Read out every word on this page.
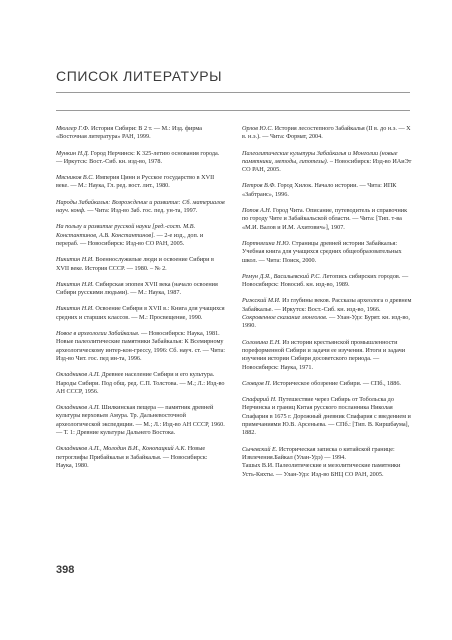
СПИСОК ЛИТЕРАТУРЫ
Мюллер Г.Ф. История Сибири: В 2 т. — М.: Изд. фирма «Восточная литература» РАН, 1999.
Мункин Н.Д. Город Нерчинск: К 325-летию основания города. — Иркутск: Вост.-Сиб. кн. изд-во, 1978.
Мясников В.С. Империя Цинн и Русское государство в XVII веке. — М.: Наука, Гл. ред. вост. лит., 1980.
Народы Забайкалья: Возрождение и развитие: Сб. материалов науч. конф. — Чита: Изд-во Заб. гос. пед. ун-та, 1997.
На пользу и развитие русской науки [ред.-сост. М.В. Константинов, А.В. Константинов]. — 2-е изд., доп. и перераб. — Новосибирск: Изд-во СО РАН, 2005.
Никитин Н.И. Военнослужилые люди и освоение Сибири в XVII веке. История СССР. — 1980. – № 2.
Никитин Н.И. Сибирская эпопея XVII века (начало освоения Сибири русскими людьми). — М.: Наука, 1987.
Никитин Н.И. Освоение Сибири в XVII в.: Книга для учащихся средних и старших классов. — М.: Просвещение, 1990.
Новое в археологии Забайкалья. — Новосибирск: Наука, 1981.
Новые палеолитические памятники Забайкалья: К Всемирному археологическому интер-кон-грессу, 1996: Сб. науч. ст. — Чита: Изд-во Чит. гос. пед ин-та, 1996.
Окладников А.П. Древнее население Сибири и его культура. Народы Сибири. Под общ. ред. С.П. Толстова. — М.; Л.: Изд-во АН СССР, 1956.
Окладников А.П. Шилкинская пещера — памятник древней культуры верховьев Амура. Тр. Дальневосточной археологической экспедиции. — М.; Л.: Изд-во АН СССР, 1960. — Т. 1: Древние культуры Дальнего Востока.
Окладников А.П., Молодин В.И., Конопацкий А.К. Новые петроглифы Прибайкалья и Забайкалья. — Новосибирск: Наука, 1980.
Орлов Ю.С. История лесостепного Забайкалья (II в. до н.э. — X в. н.э.). — Чита: Формат, 2004.
Палеолитические культуры Забайкалья и Монголии (новые памятники, методы, гипотезы). – Новосибирск: Изд-во ИАиЭт СО РАН, 2005.
Петров В.Ф. Город Хилок. Начало истории. — Чита: ИПК «Забтранс», 1996.
Попов А.Н. Город Чита. Описание, путеводитель и справочник по городу Чите и Забайкальской области. — Чита: [Тип. т-ва «М.И. Валов и И.М. Ахитович»], 1907.
Портнягина Н.Ю. Страницы древней истории Забайкалья: Учебная книга для учащихся средних общеобразовательных школ. — Чита: Поиск, 2000.
Ремун Д.Я., Васильевский Р.С. Летопись сибирских городов. — Новосибирск: Новосиб. кн. изд-во, 1989.
Рижский М.И. Из глубины веков. Рассказы археолога о древнем Забайкалье. — Иркутск: Вост.-Сиб. кн. изд-во, 1966.
Сокровенное сказание монголов. — Улан-Удэ: Бурят. кн. изд-во, 1990.
Соломина Е.Н. Из истории крестьянской промышленности пореформенной Сибири и задачи ее изучения. Итоги и задачи изучения истории Сибири досоветского периода. — Новосибирск: Наука, 1971.
Словцов П. Историческое обозрение Сибири. — СПб., 1886.
Спафарий Н. Путешествие через Сибирь от Тобольска до Нерчинска и границ Китая русского посланника Николая Спафария в 1675 г. Дорожный дневник Спафария с введением и примечаниями Ю.В. Арсеньева. — СПб.: [Тип. В. Киршбаума], 1882.
Сычевский Е. Историческая записка о китайской границе: Извлечения.Байкал (Улан-Удэ) — 1994.
Ташых В.И. Палеолитические и мезолитические памятники Усть-Кяхты. — Улан-Удэ: Изд-во БНЦ СО РАН, 2005.
398
